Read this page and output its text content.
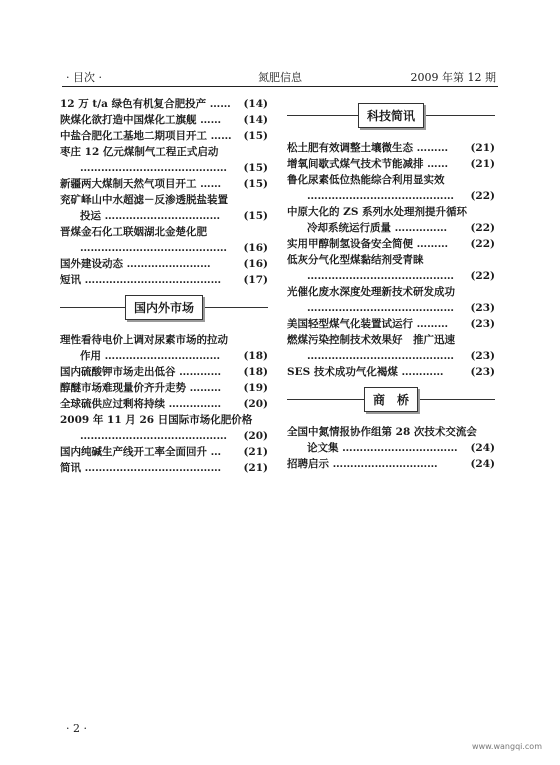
· 目次 ·	氮肥信息	2009 年第 12 期
12 万 t/a 绿色有机复合肥投产 …… (14)
陕煤化欲打造中国煤化工旗舰 …… (14)
中盐合肥化工基地二期项目开工 …… (15)
枣庄 12 亿元煤制气工程正式启动
…………………………………… (15)
新疆两大煤制天然气项目开工 …… (15)
兖矿峄山中水超滤－反渗透脱盐装置
投运 …………………………… (15)
晋煤金石化工联姻湖北金楚化肥
…………………………………… (16)
国外建设动态 ……………………	(16)
短讯 ………………………………… (17)
国内外市场
理性看待电价上调对尿素市场的拉动
作用 …………………………… (18)
国内硫酸钾市场走出低谷 ………… (18)
醇醚市场难现量价齐升走势 ……… (19)
全球硫供应过剩将持续 …………… (20)
2009 年 11 月 26 日国际市场化肥价格
…………………………………… (20)
国内纯碱生产线开工率全面回升 … (21)
简讯 ………………………………… (21)
科技简讯
松土肥有效调整土壤微生态 ……… (21)
增氧间歇式煤气技术节能减排 …… (21)
鲁化尿素低位热能综合利用显实效
…………………………………… (22)
中原大化的 ZS 系列水处理剂提升循环
冷却系统运行质量 …………… (22)
实用甲醇制氢设备安全简便 ……… (22)
低灰分气化型煤黏结剂受青睐
…………………………………… (22)
光催化废水深度处理新技术研发成功
…………………………………… (23)
美国轻型煤气化装置试运行 ……… (23)
燃煤污染控制技术效果好　推广迅速
…………………………………… (23)
SES 技术成功气化褐煤 …………	(23)
商　桥
全国中氮情报协作组第 28 次技术交流会
论文集 …………………………… (24)
招聘启示 …………………………	(24)
· 2 ·
www.wangqi.com
